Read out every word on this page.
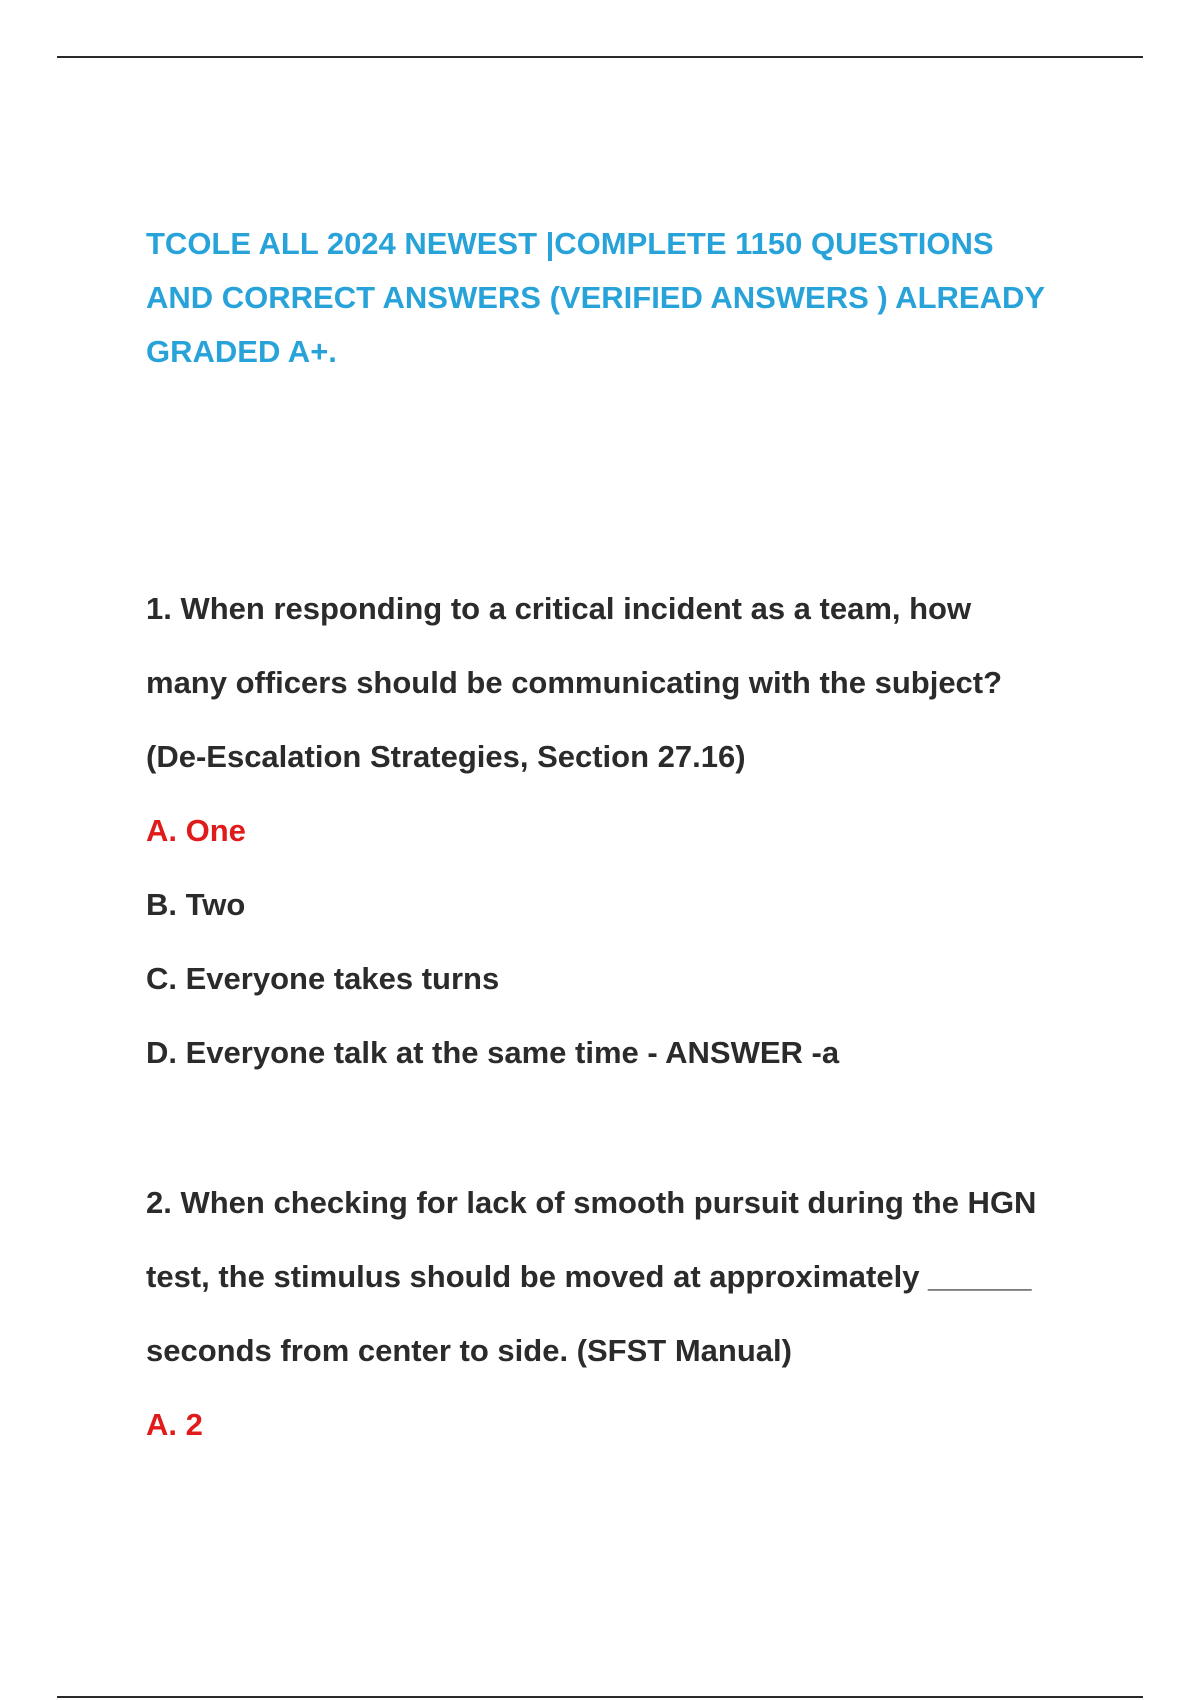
TCOLE ALL 2024 NEWEST |COMPLETE 1150 QUESTIONS
AND CORRECT ANSWERS (VERIFIED ANSWERS ) ALREADY
GRADED A+.
1. When responding to a critical incident as a team, how
many officers should be communicating with the subject?
(De-Escalation Strategies, Section 27.16)
A. One
B. Two
C. Everyone takes turns
D. Everyone talk at the same time - ANSWER -a
2. When checking for lack of smooth pursuit during the HGN
test, the stimulus should be moved at approximately ______
seconds from center to side. (SFST Manual)
A. 2
